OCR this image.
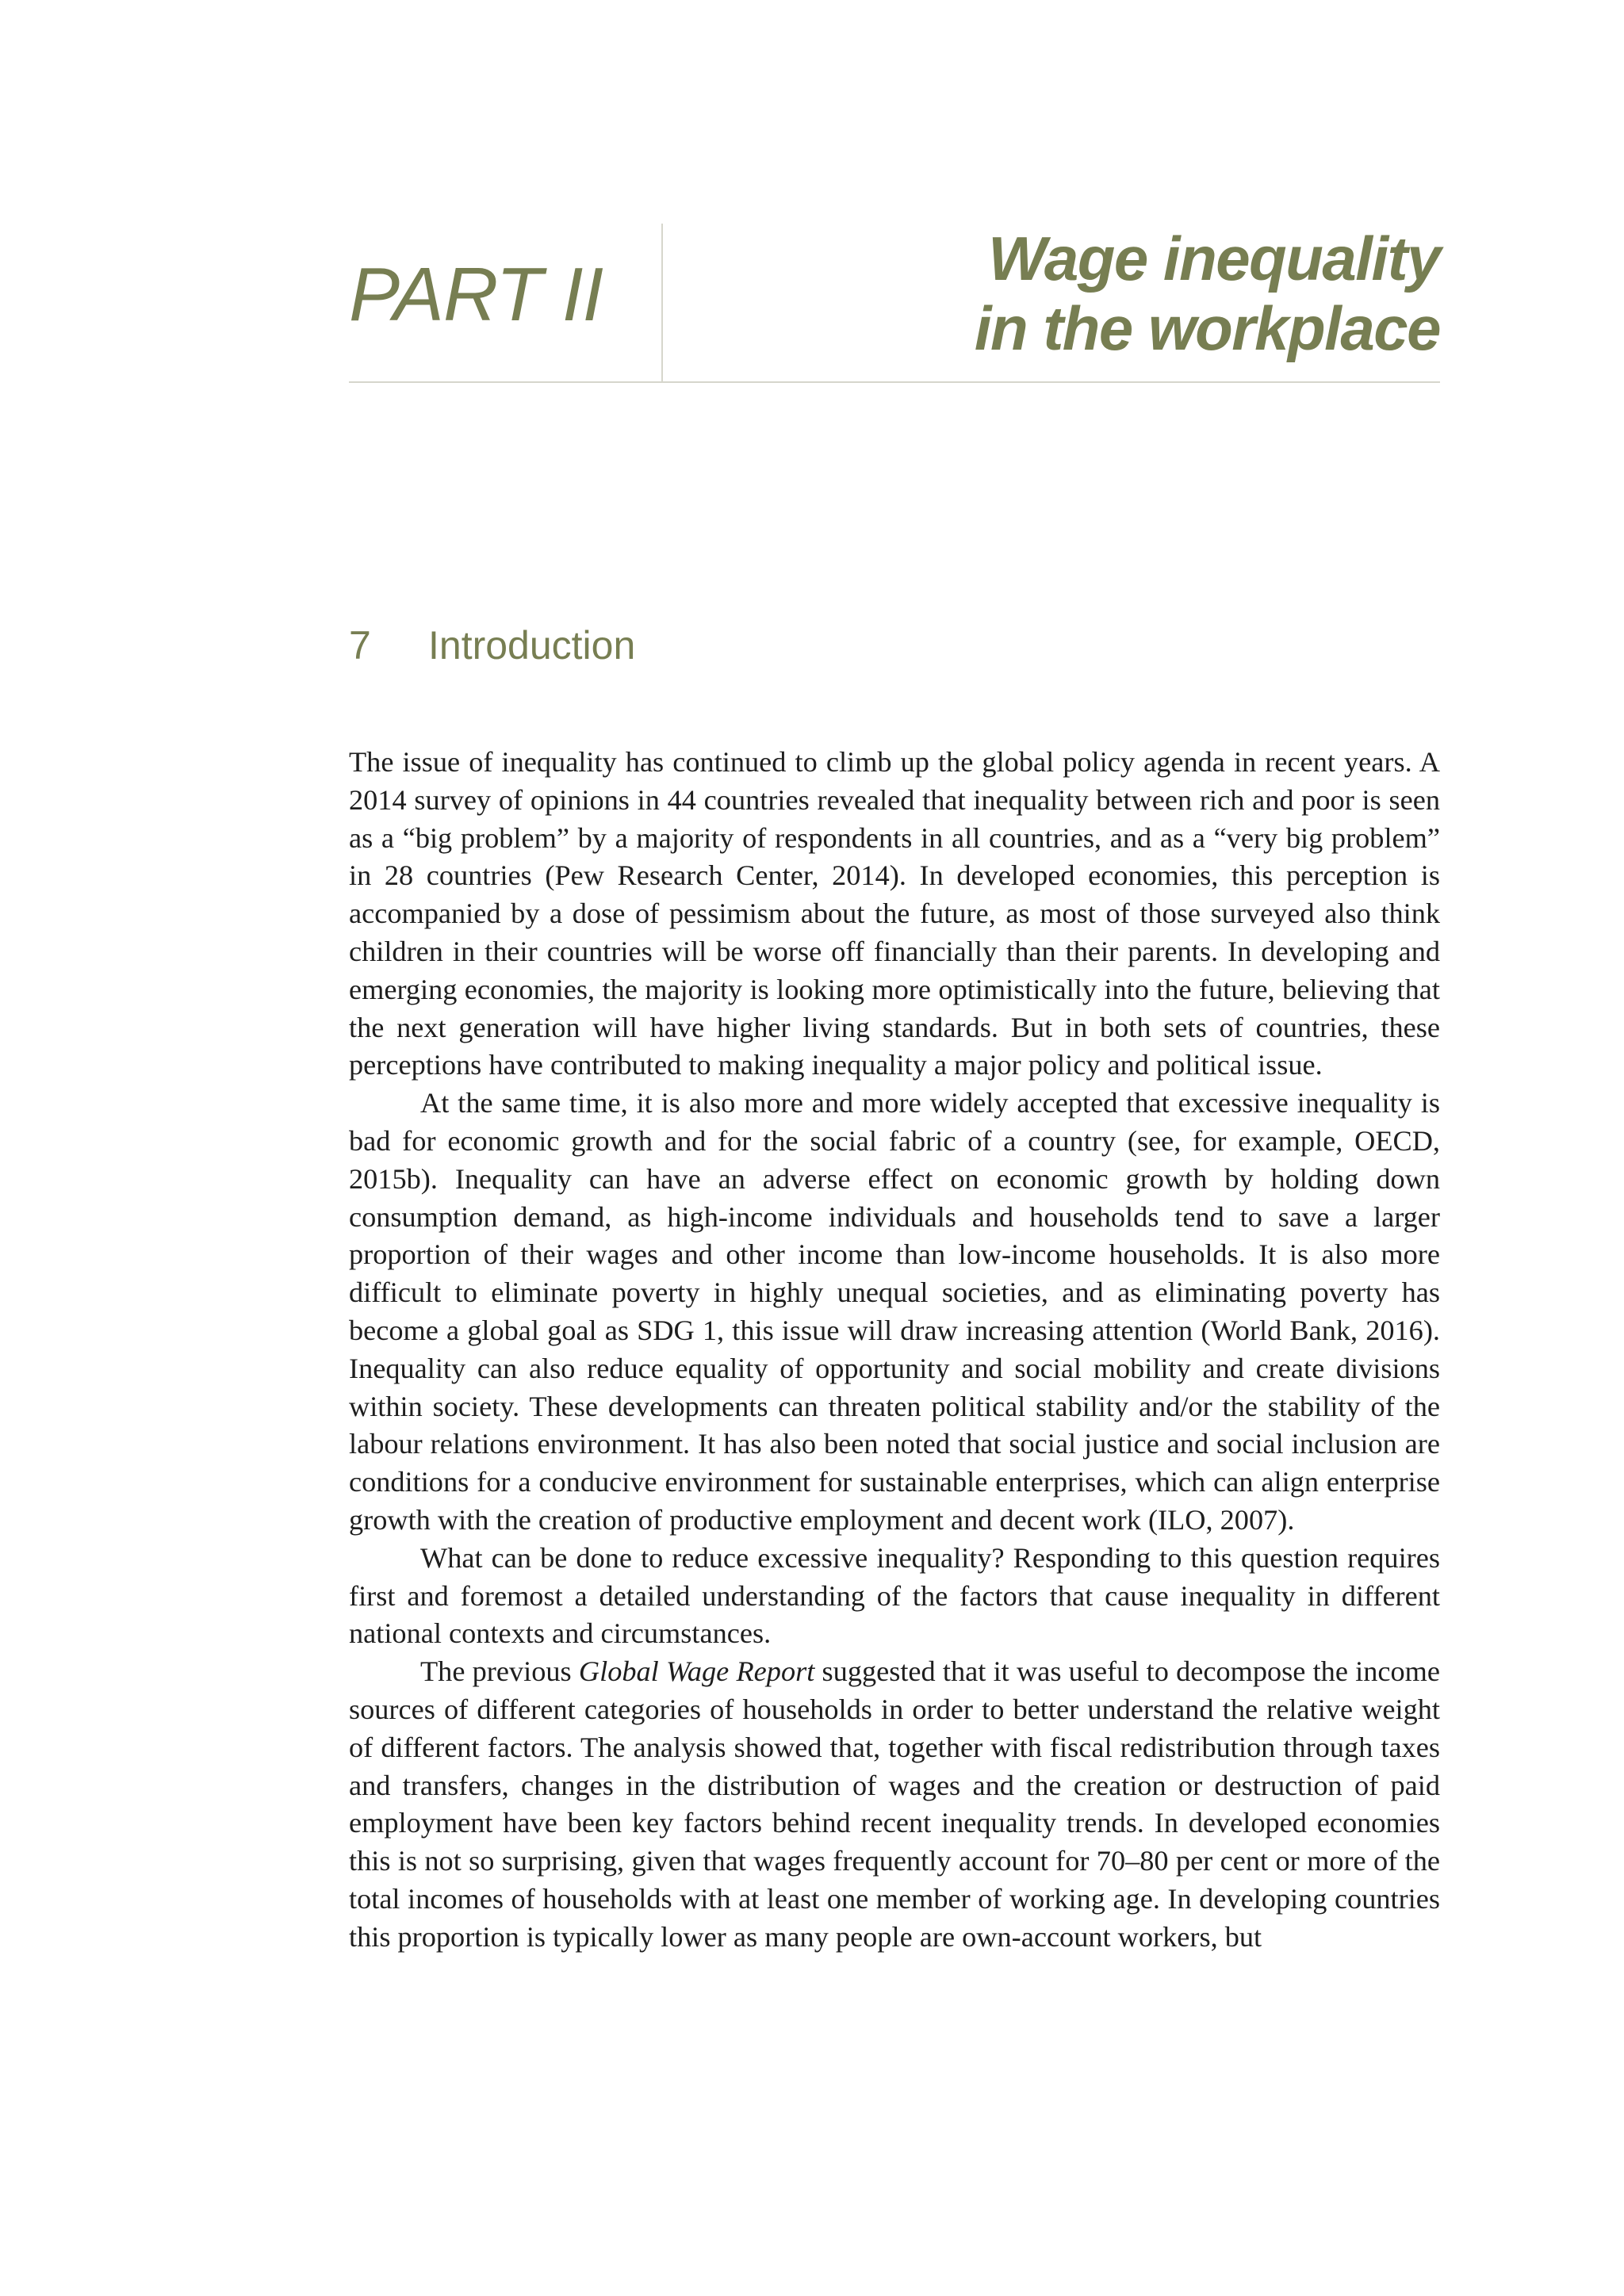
PART II	Wage inequality
in the workplace
7 Introduction

The issue of inequality has continued to climb up the global policy agenda in recent years. A 2014 survey of opinions in 44 countries revealed that inequality between rich and poor is seen as a “big problem” by a majority of respondents in all countries, and as a “very big problem” in 28 countries (Pew Research Center, 2014). In developed economies, this perception is accompanied by a dose of pessimism about the future, as most of those surveyed also think children in their countries will be worse off financially than their parents. In developing and emerging economies, the majority is looking more optimistically into the future, believing that the next generation will have higher living standards. But in both sets of countries, these perceptions have contributed to making inequality a major policy and political issue.

At the same time, it is also more and more widely accepted that excessive inequality is bad for economic growth and for the social fabric of a country (see, for example, OECD, 2015b). Inequality can have an adverse effect on economic growth by holding down consumption demand, as high-income individuals and households tend to save a larger proportion of their wages and other income than low-income households. It is also more difficult to eliminate poverty in highly unequal societies, and as eliminating poverty has become a global goal as SDG 1, this issue will draw increasing attention (World Bank, 2016). Inequality can also reduce equality of opportunity and social mobility and create divisions within society. These developments can threaten political stability and/or the stability of the labour relations environment. It has also been noted that social justice and social inclusion are conditions for a conducive environment for sustainable enterprises, which can align enterprise growth with the creation of productive employment and decent work (ILO, 2007).

What can be done to reduce excessive inequality? Responding to this question requires first and foremost a detailed understanding of the factors that cause inequality in different national contexts and circumstances.

The previous Global Wage Report suggested that it was useful to decompose the income sources of different categories of households in order to better understand the relative weight of different factors. The analysis showed that, together with fiscal redistribution through taxes and transfers, changes in the distribution of wages and the creation or destruction of paid employment have been key factors behind recent inequality trends. In developed economies this is not so surprising, given that wages frequently account for 70–80 per cent or more of the total incomes of households with at least one member of working age. In developing countries this proportion is typically lower as many people are own-account workers, but
